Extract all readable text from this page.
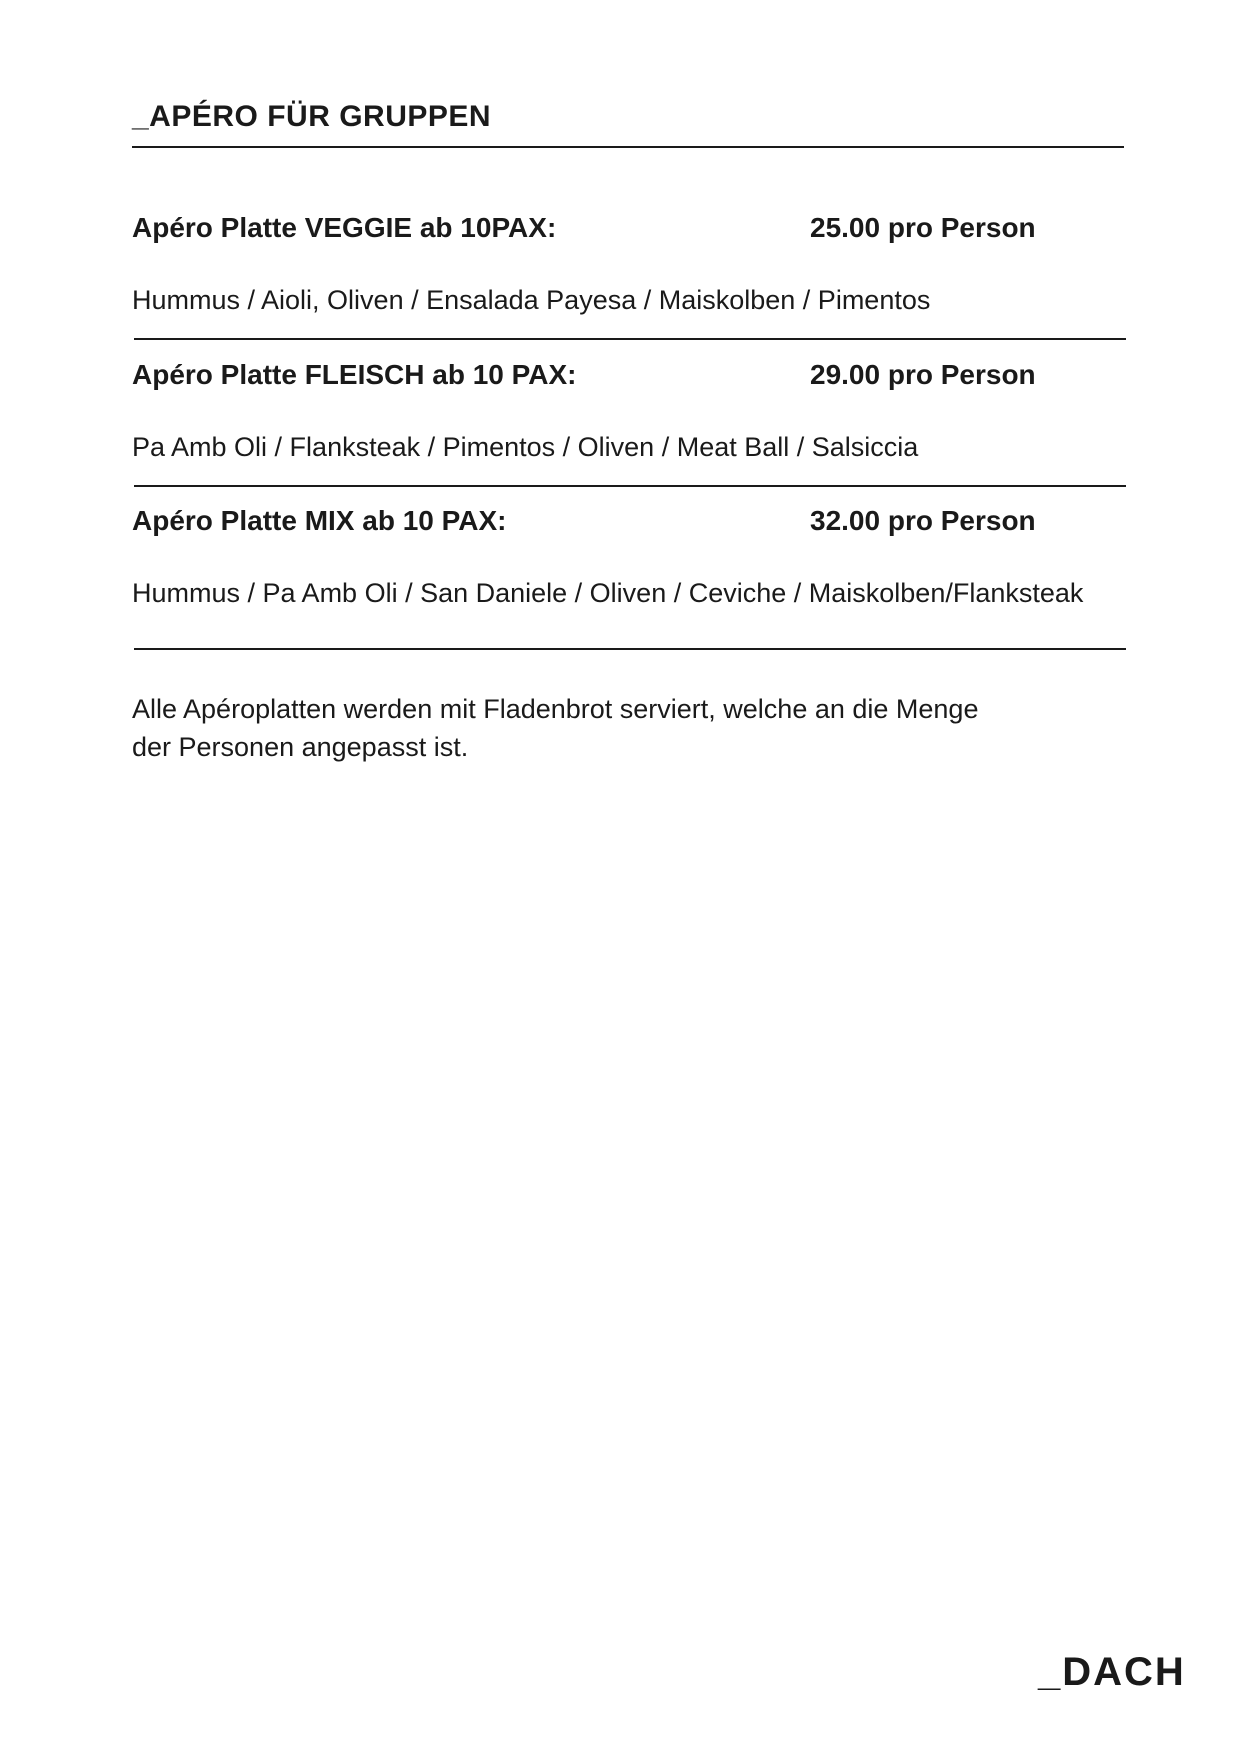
_APÉRO FÜR GRUPPEN
Apéro Platte VEGGIE ab 10PAX:	25.00 pro Person
Hummus / Aioli, Oliven / Ensalada Payesa / Maiskolben / Pimentos
Apéro Platte FLEISCH ab 10 PAX:	29.00 pro Person
Pa Amb Oli / Flanksteak / Pimentos / Oliven / Meat Ball / Salsiccia
Apéro Platte MIX ab 10 PAX:	32.00 pro Person
Hummus / Pa Amb Oli / San Daniele / Oliven / Ceviche / Maiskolben/Flanksteak
Alle Apéroplatten werden mit Fladenbrot serviert, welche an die Menge
der Personen angepasst ist.
_DACH
